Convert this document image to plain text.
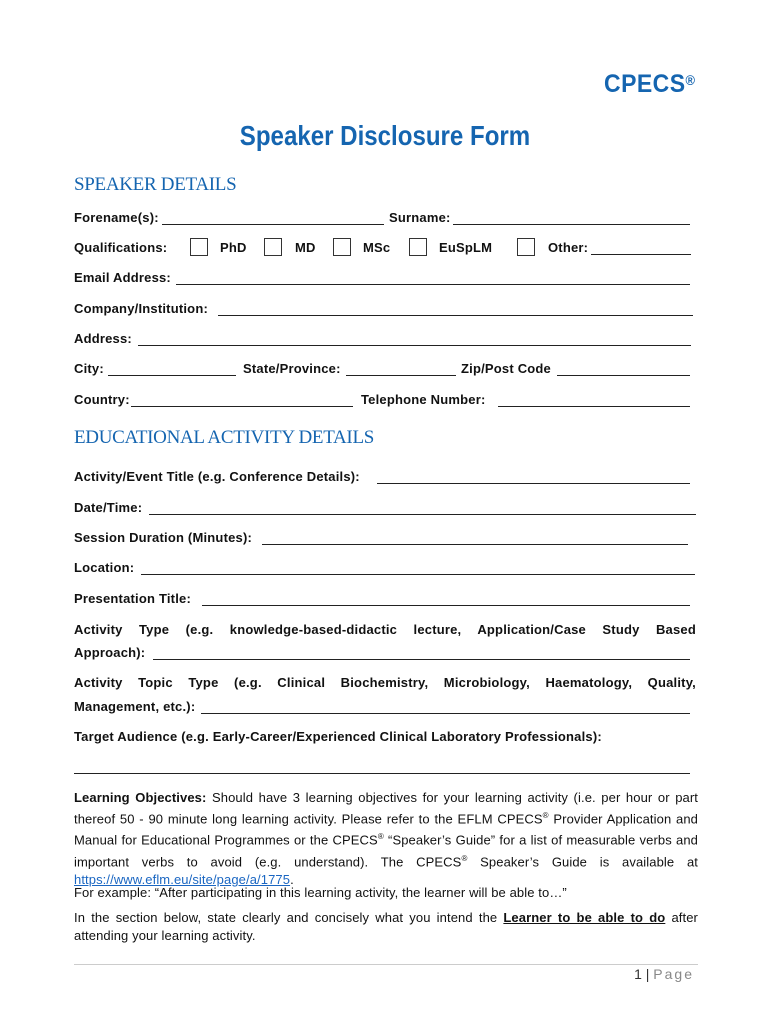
CPECS®
Speaker Disclosure Form
SPEAKER DETAILS
Forename(s):	Surname:
Qualifications:	PhD	MD	MSc	EuSpLM	Other:
Email Address:
Company/Institution:
Address:
City:	State/Province:	Zip/Post Code
Country:	Telephone Number:
EDUCATIONAL ACTIVITY DETAILS
Activity/Event Title (e.g. Conference Details):
Date/Time:
Session Duration (Minutes):
Location:
Presentation Title:
Activity Type (e.g. knowledge-based-didactic lecture, Application/Case Study Based
Approach):
Activity Topic Type (e.g. Clinical Biochemistry, Microbiology, Haematology, Quality,
Management, etc.):
Target Audience (e.g. Early-Career/Experienced Clinical Laboratory Professionals):
Learning Objectives: Should have 3 learning objectives for your learning activity (i.e. per hour or part thereof 50 - 90 minute long learning activity. Please refer to the EFLM CPECS® Provider Application and Manual for Educational Programmes or the CPECS® “Speaker’s Guide” for a list of measurable verbs and important verbs to avoid (e.g. understand). The CPECS® Speaker’s Guide is available at https://www.eflm.eu/site/page/a/1775.
For example: “After participating in this learning activity, the learner will be able to…”
In the section below, state clearly and concisely what you intend the Learner to be able to do after attending your learning activity.
1 | Page
